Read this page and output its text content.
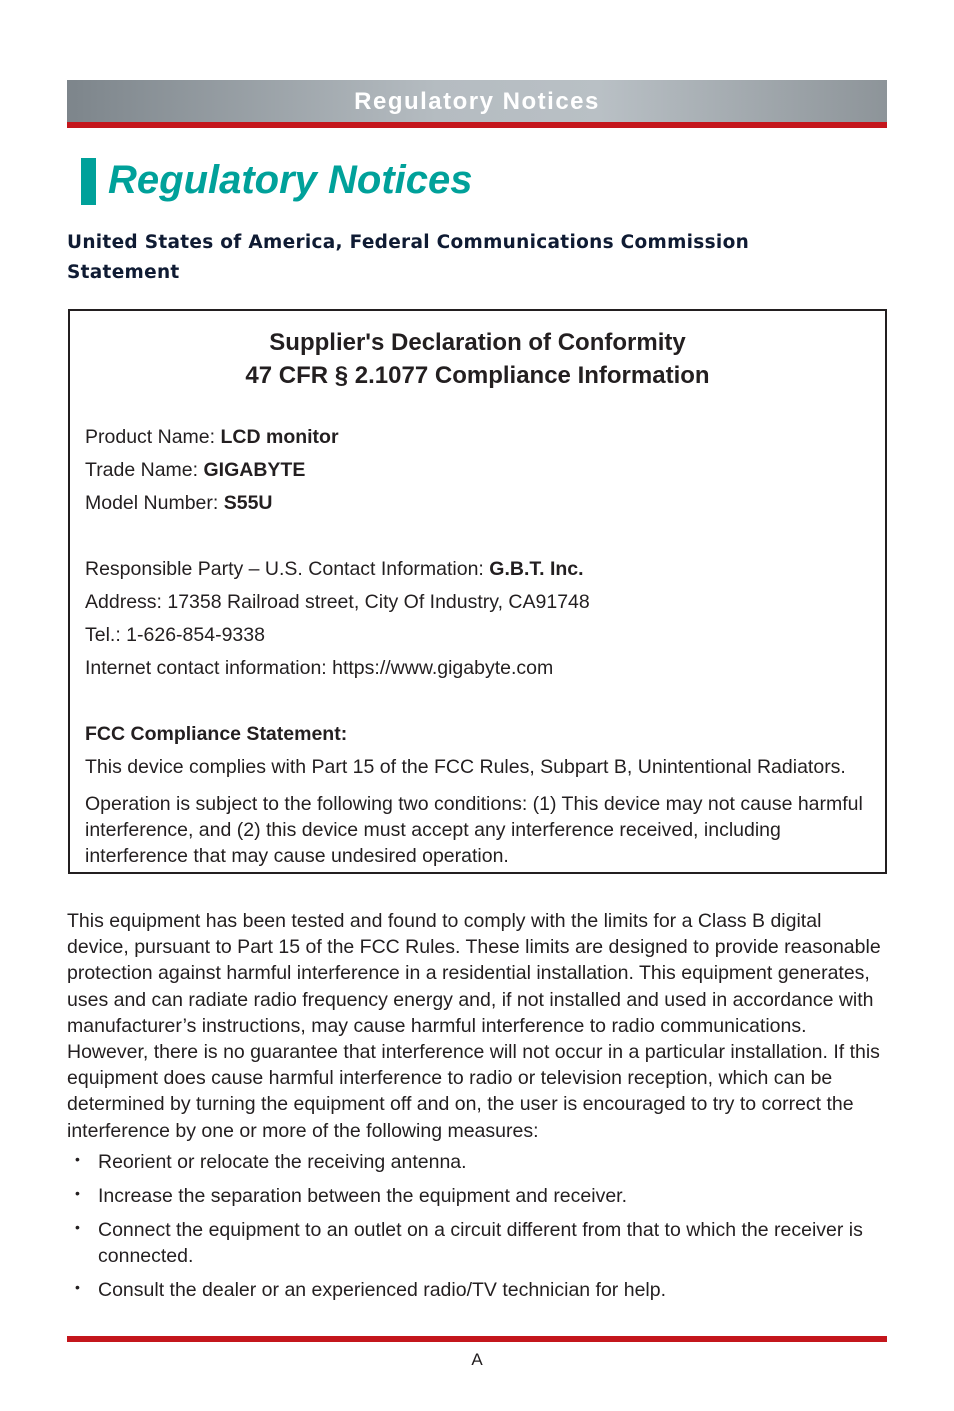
Regulatory Notices
Regulatory Notices
United States of America, Federal Communications Commission Statement
Supplier's Declaration of Conformity
47 CFR § 2.1077 Compliance Information
Product Name: LCD monitor
Trade Name: GIGABYTE
Model Number: S55U
Responsible Party – U.S. Contact Information: G.B.T. Inc.
Address: 17358 Railroad street, City Of Industry, CA91748
Tel.: 1-626-854-9338
Internet contact information: https://www.gigabyte.com
FCC Compliance Statement:
This device complies with Part 15 of the FCC Rules, Subpart B, Unintentional Radiators.
Operation is subject to the following two conditions: (1) This device may not cause harmful interference, and (2) this device must accept any interference received, including interference that may cause undesired operation.

This equipment has been tested and found to comply with the limits for a Class B digital device, pursuant to Part 15 of the FCC Rules. These limits are designed to provide reasonable protection against harmful interference in a residential installation. This equipment generates, uses and can radiate radio frequency energy and, if not installed and used in accordance with manufacturer’s instructions, may cause harmful interference to radio communications. However, there is no guarantee that interference will not occur in a particular installation. If this equipment does cause harmful interference to radio or television reception, which can be determined by turning the equipment off and on, the user is encouraged to try to correct the interference by one or more of the following measures:

• Reorient or relocate the receiving antenna.
• Increase the separation between the equipment and receiver.
• Connect the equipment to an outlet on a circuit different from that to which the receiver is connected.
• Consult the dealer or an experienced radio/TV technician for help.
A
